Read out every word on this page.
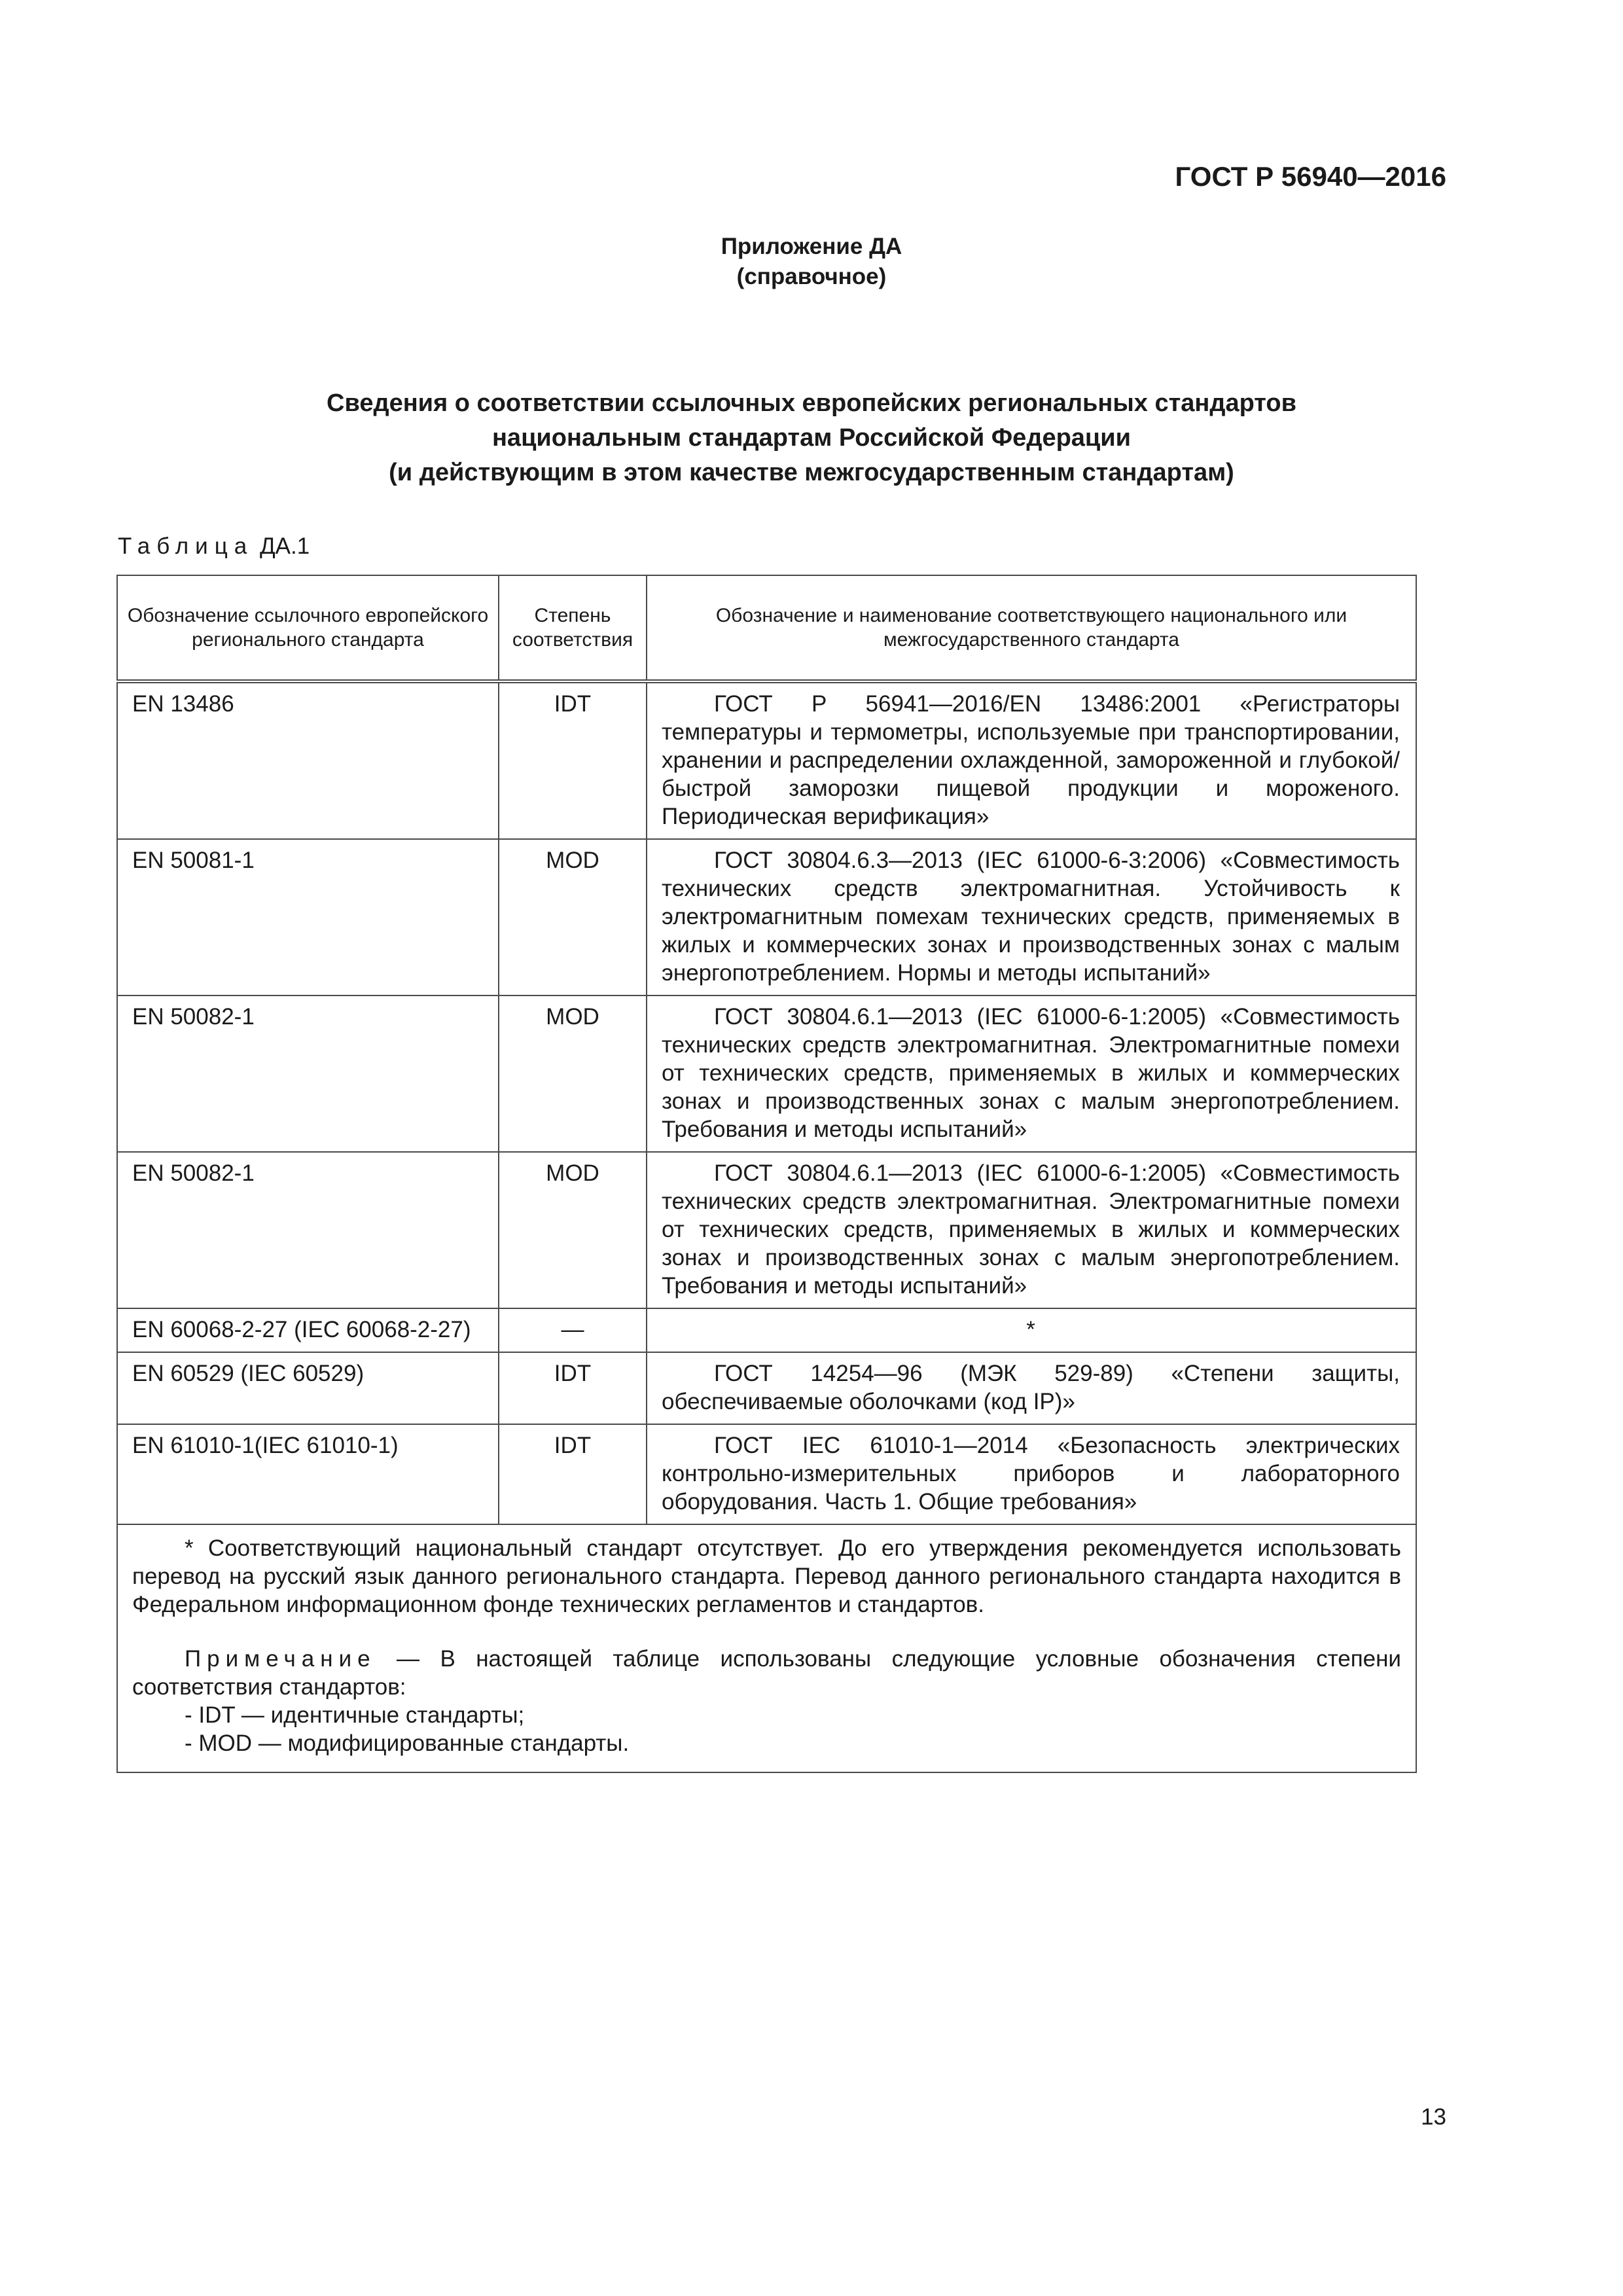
ГОСТ Р 56940—2016
Приложение ДА
(справочное)
Сведения о соответствии ссылочных европейских региональных стандартов
национальным стандартам Российской Федерации
(и действующим в этом качестве межгосударственным стандартам)
Таблица ДА.1
Обозначение ссылочного европейского регионального стандарта	Степень соответствия	Обозначение и наименование соответствующего национального или межгосударственного стандарта
EN 13486	IDT	ГОСТ Р 56941—2016/EN 13486:2001 «Регистраторы температуры и термометры, используемые при транспортировании, хранении и распределении охлажденной, замороженной и глубокой/быстрой заморозки пищевой продукции и мороженого. Периодическая верификация»

EN 50081-1	MOD	ГОСТ 30804.6.3—2013 (IEC 61000-6-3:2006) «Совместимость технических средств электромагнитная. Устойчивость к электромагнитным помехам технических средств, применяемых в жилых и коммерческих зонах и производственных зонах с малым энергопотреблением. Нормы и методы испытаний»

EN 50082-1	MOD	ГОСТ 30804.6.1—2013 (IEC 61000-6-1:2005) «Совместимость технических средств электромагнитная. Электромагнитные помехи от технических средств, применяемых в жилых и коммерческих зонах и производственных зонах с малым энергопотреблением. Требования и методы испытаний»

EN 50082-1	MOD	ГОСТ 30804.6.1—2013 (IEC 61000-6-1:2005) «Совместимость технических средств электромагнитная. Электромагнитные помехи от технических средств, применяемых в жилых и коммерческих зонах и производственных зонах с малым энергопотреблением. Требования и методы испытаний»

EN 60068-2-27 (IEC 60068-2-27)	—	*
EN 60529 (IEC 60529)	IDT	ГОСТ 14254—96 (МЭК 529-89) «Степени защиты, обеспечиваемые оболочками (код IP)»

EN 61010-1(IEC 61010-1)	IDT	ГОСТ IEC 61010-1—2014 «Безопасность электрических контрольно-измерительных приборов и лабораторного оборудования. Часть 1. Общие требования»

* Соответствующий национальный стандарт отсутствует. До его утверждения рекомендуется использовать перевод на русский язык данного регионального стандарта. Перевод данного регионального стандарта находится в Федеральном информационном фонде технических регламентов и стандартов.

Примечание — В настоящей таблице использованы следующие условные обозначения степени соответствия стандартов:

- IDT — идентичные стандарты;
- MOD — модифицированные стандарты.		
13
